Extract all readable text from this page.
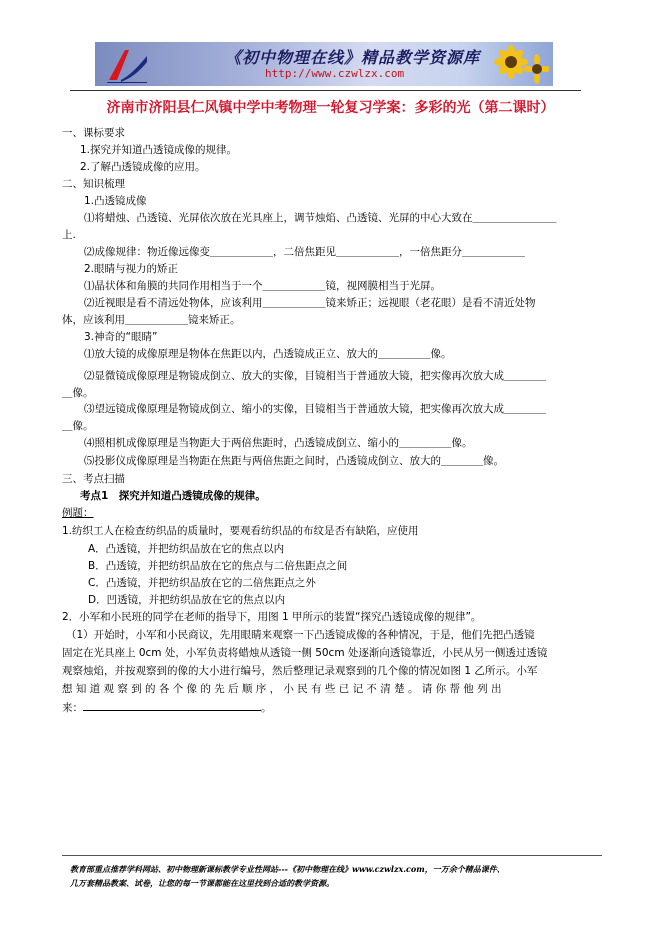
《初中物理在线》精品教学资源库
http://www.czwlzx.com
济南市济阳县仁风镇中学中考物理一轮复习学案：多彩的光（第二课时）
一、课标要求
1.探究并知道凸透镜成像的规律。
2.了解凸透镜成像的应用。
二、知识梳理
1.凸透镜成像
⑴将蜡烛、凸透镜、光屏依次放在光具座上，调节烛焰、凸透镜、光屏的中心大致在＿＿＿＿＿＿＿＿
上.
⑵成像规律：物近像远像变＿＿＿＿＿＿，二倍焦距见＿＿＿＿＿＿，一倍焦距分＿＿＿＿＿＿
2.眼睛与视力的矫正
⑴晶状体和角膜的共同作用相当于一个＿＿＿＿＿＿镜，视网膜相当于光屏。
⑵近视眼是看不清远处物体，应该利用＿＿＿＿＿＿镜来矫正；远视眼（老花眼）是看不清近处物
体，应该利用＿＿＿＿＿＿镜来矫正。
3.神奇的“眼睛”
⑴放大镜的成像原理是物体在焦距以内，凸透镜成正立、放大的＿＿＿＿＿像。
⑵显微镜成像原理是物镜成倒立、放大的实像，目镜相当于普通放大镜，把实像再次放大成＿＿＿＿
＿像。
⑶望远镜成像原理是物镜成倒立、缩小的实像，目镜相当于普通放大镜，把实像再次放大成＿＿＿＿
＿像。
⑷照相机成像原理是当物距大于两倍焦距时，凸透镜成倒立、缩小的＿＿＿＿＿像。
⑸投影仪成像原理是当物距在焦距与两倍焦距之间时，凸透镜成倒立、放大的＿＿＿＿像。
三、考点扫描
考点1　探究并知道凸透镜成像的规律。
例题：
1.纺织工人在检查纺织品的质量时，要观看纺织品的布纹是否有缺陷，应使用
A．凸透镜，并把纺织品放在它的焦点以内
B．凸透镜，并把纺织品放在它的焦点与二倍焦距点之间
C．凸透镜，并把纺织品放在它的二倍焦距点之外
D．凹透镜，并把纺织品放在它的焦点以内
2．小军和小民班的同学在老师的指导下，用图 1 甲所示的装置“探究凸透镜成像的规律”。
（1）开始时，小军和小民商议，先用眼睛来观察一下凸透镜成像的各种情况，于是，他们先把凸透镜
固定在光具座上 0cm 处，小军负责将蜡烛从透镜一侧 50cm 处逐渐向透镜靠近，小民从另一侧透过透镜
观察烛焰，并按观察到的像的大小进行编号，然后整理记录观察到的几个像的情况如图 1 乙所示。小军
想 知 道 观 察 到 的 各 个 像 的 先 后 顺 序 ， 小 民 有 些 已 记 不 清 楚 。 请 你 帮 他 列 出
来：	。
教育部重点推荐学科网站、初中物理新课标教学专业性网站---《初中物理在线》www.czwlzx.com，一万余个精品课件、
几万套精品教案、试卷，让您的每一节课都能在这里找到合适的教学资源。
